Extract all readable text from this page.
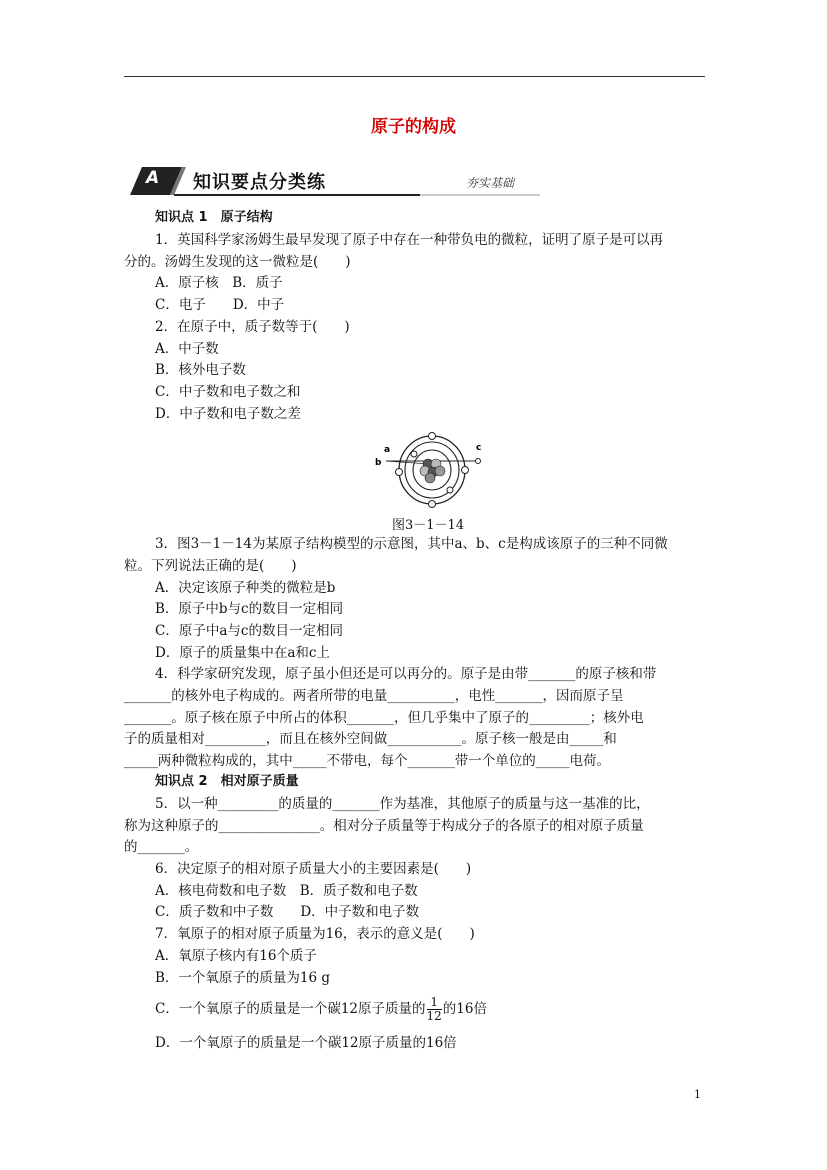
原子的构成
A 知识要点分类练	夯实基础
知识点 1　原子结构
1．英国科学家汤姆生最早发现了原子中存在一种带负电的微粒，证明了原子是可以再
分的。汤姆生发现的这一微粒是(　　)
A．原子核　B．质子
C．电子　　D．中子
2．在原子中，质子数等于(　　)
A．中子数
B．核外电子数
C．中子数和电子数之和
D．中子数和电子数之差
a
b
c
图3－1－14
3．图3－1－14为某原子结构模型的示意图，其中a、b、c是构成该原子的三种不同微
粒。下列说法正确的是(　　)
A．决定该原子种类的微粒是b
B．原子中b与c的数目一定相同
C．原子中a与c的数目一定相同
D．原子的质量集中在a和c上
4．科学家研究发现，原子虽小但还是可以再分的。原子是由带_______的原子核和带
_______的核外电子构成的。两者所带的电量__________，电性_______，因而原子呈
_______。原子核在原子中所占的体积_______，但几乎集中了原子的_________；核外电
子的质量相对_________，而且在核外空间做___________。原子核一般是由_____和
_____两种微粒构成的，其中_____不带电，每个_______带一个单位的_____电荷。
知识点 2　相对原子质量
5．以一种_________的质量的_______作为基准，其他原子的质量与这一基准的比，
称为这种原子的_______________。相对分子质量等于构成分子的各原子的相对原子质量
的_______。
6．决定原子的相对原子质量大小的主要因素是(　　)
A．核电荷数和电子数　B．质子数和电子数
C．质子数和中子数　　D．中子数和电子数
7．氧原子的相对原子质量为16，表示的意义是(　　)
A．氧原子核内有16个质子
B．一个氧原子的质量为16 g
C．一个氧原子的质量是一个碳12原子质量的 $\frac{1}{12}$ 的16倍
D．一个氧原子的质量是一个碳12原子质量的16倍
1
